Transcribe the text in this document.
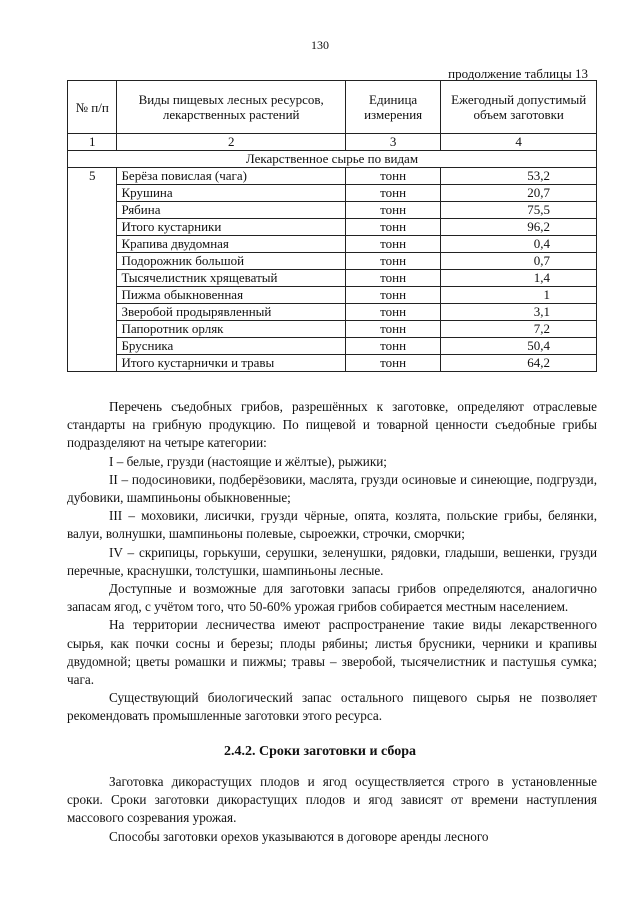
130
продолжение таблицы 13
№ п/п	Виды пищевых лесных ресурсов, лекарственных растений	Единица измерения	Ежегодный допустимый объем заготовки
1	2	3	4
Лекарственное сырье по видам			
5	Берёза повислая (чага)	тонн	53,2
	Крушина	тонн	20,7
	Рябина	тонн	75,5
	Итого кустарники	тонн	96,2
	Крапива двудомная	тонн	0,4
	Подорожник большой	тонн	0,7
	Тысячелистник хрящеватый	тонн	1,4
	Пижма обыкновенная	тонн	1
	Зверобой продырявленный	тонн	3,1
	Папоротник орляк	тонн	7,2
	Брусника	тонн	50,4
	Итого кустарнички и травы	тонн	64,2

Перечень съедобных грибов, разрешённых к заготовке, определяют отраслевые стандарты на грибную продукцию. По пищевой и товарной ценности съедобные грибы подразделяют на четыре категории:

I – белые, грузди (настоящие и жёлтые), рыжики;

II – подосиновики, подберёзовики, маслята, грузди осиновые и синеющие, подгрузди, дубовики, шампиньоны обыкновенные;

III – моховики, лисички, грузди чёрные, опята, козлята, польские грибы, белянки, валуи, волнушки, шампиньоны полевые, сыроежки, строчки, сморчки;

IV – скрипицы, горькуши, серушки, зеленушки, рядовки, гладыши, вешенки, грузди перечные, краснушки, толстушки, шампиньоны лесные.

Доступные и возможные для заготовки запасы грибов определяются, аналогично запасам ягод, с учётом того, что 50-60% урожая грибов собирается местным населением.

На территории лесничества имеют распространение такие виды лекарственного сырья, как почки сосны и березы; плоды рябины; листья брусники, черники и крапивы двудомной; цветы ромашки и пижмы; травы – зверобой, тысячелистник и пастушья сумка; чага.

Существующий биологический запас остального пищевого сырья не позволяет рекомендовать промышленные заготовки этого ресурса.

2.4.2. Сроки заготовки и сбора

Заготовка дикорастущих плодов и ягод осуществляется строго в установленные сроки. Сроки заготовки дикорастущих плодов и ягод зависят от времени наступления массового созревания урожая.

Способы заготовки орехов указываются в договоре аренды лесного
